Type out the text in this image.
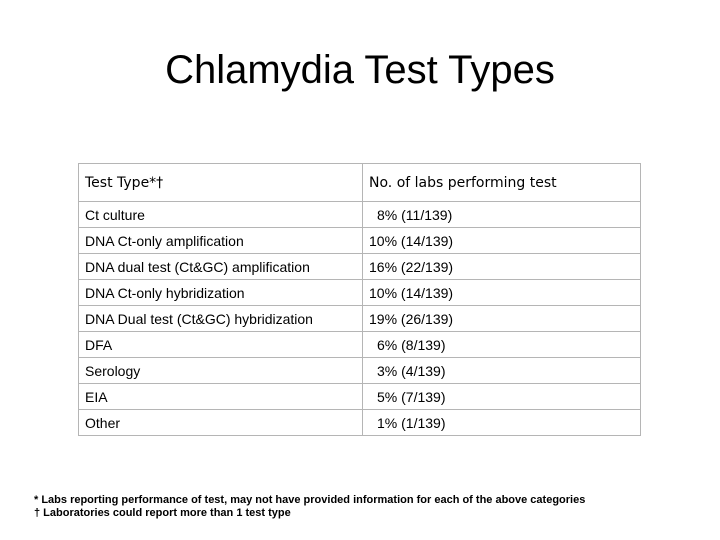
Chlamydia Test Types
Test Type*†	No. of labs performing test
Ct culture	8% (11/139)
DNA Ct-only amplification	10% (14/139)
DNA dual test (Ct&GC) amplification	16% (22/139)
DNA Ct-only hybridization	10% (14/139)
DNA Dual test (Ct&GC) hybridization	19% (26/139)
DFA	6% (8/139)
Serology	3% (4/139)
EIA	5% (7/139)
Other	1% (1/139)

* Labs reporting performance of test, may not have provided information for each of the above categories

† Laboratories could report more than 1 test type
